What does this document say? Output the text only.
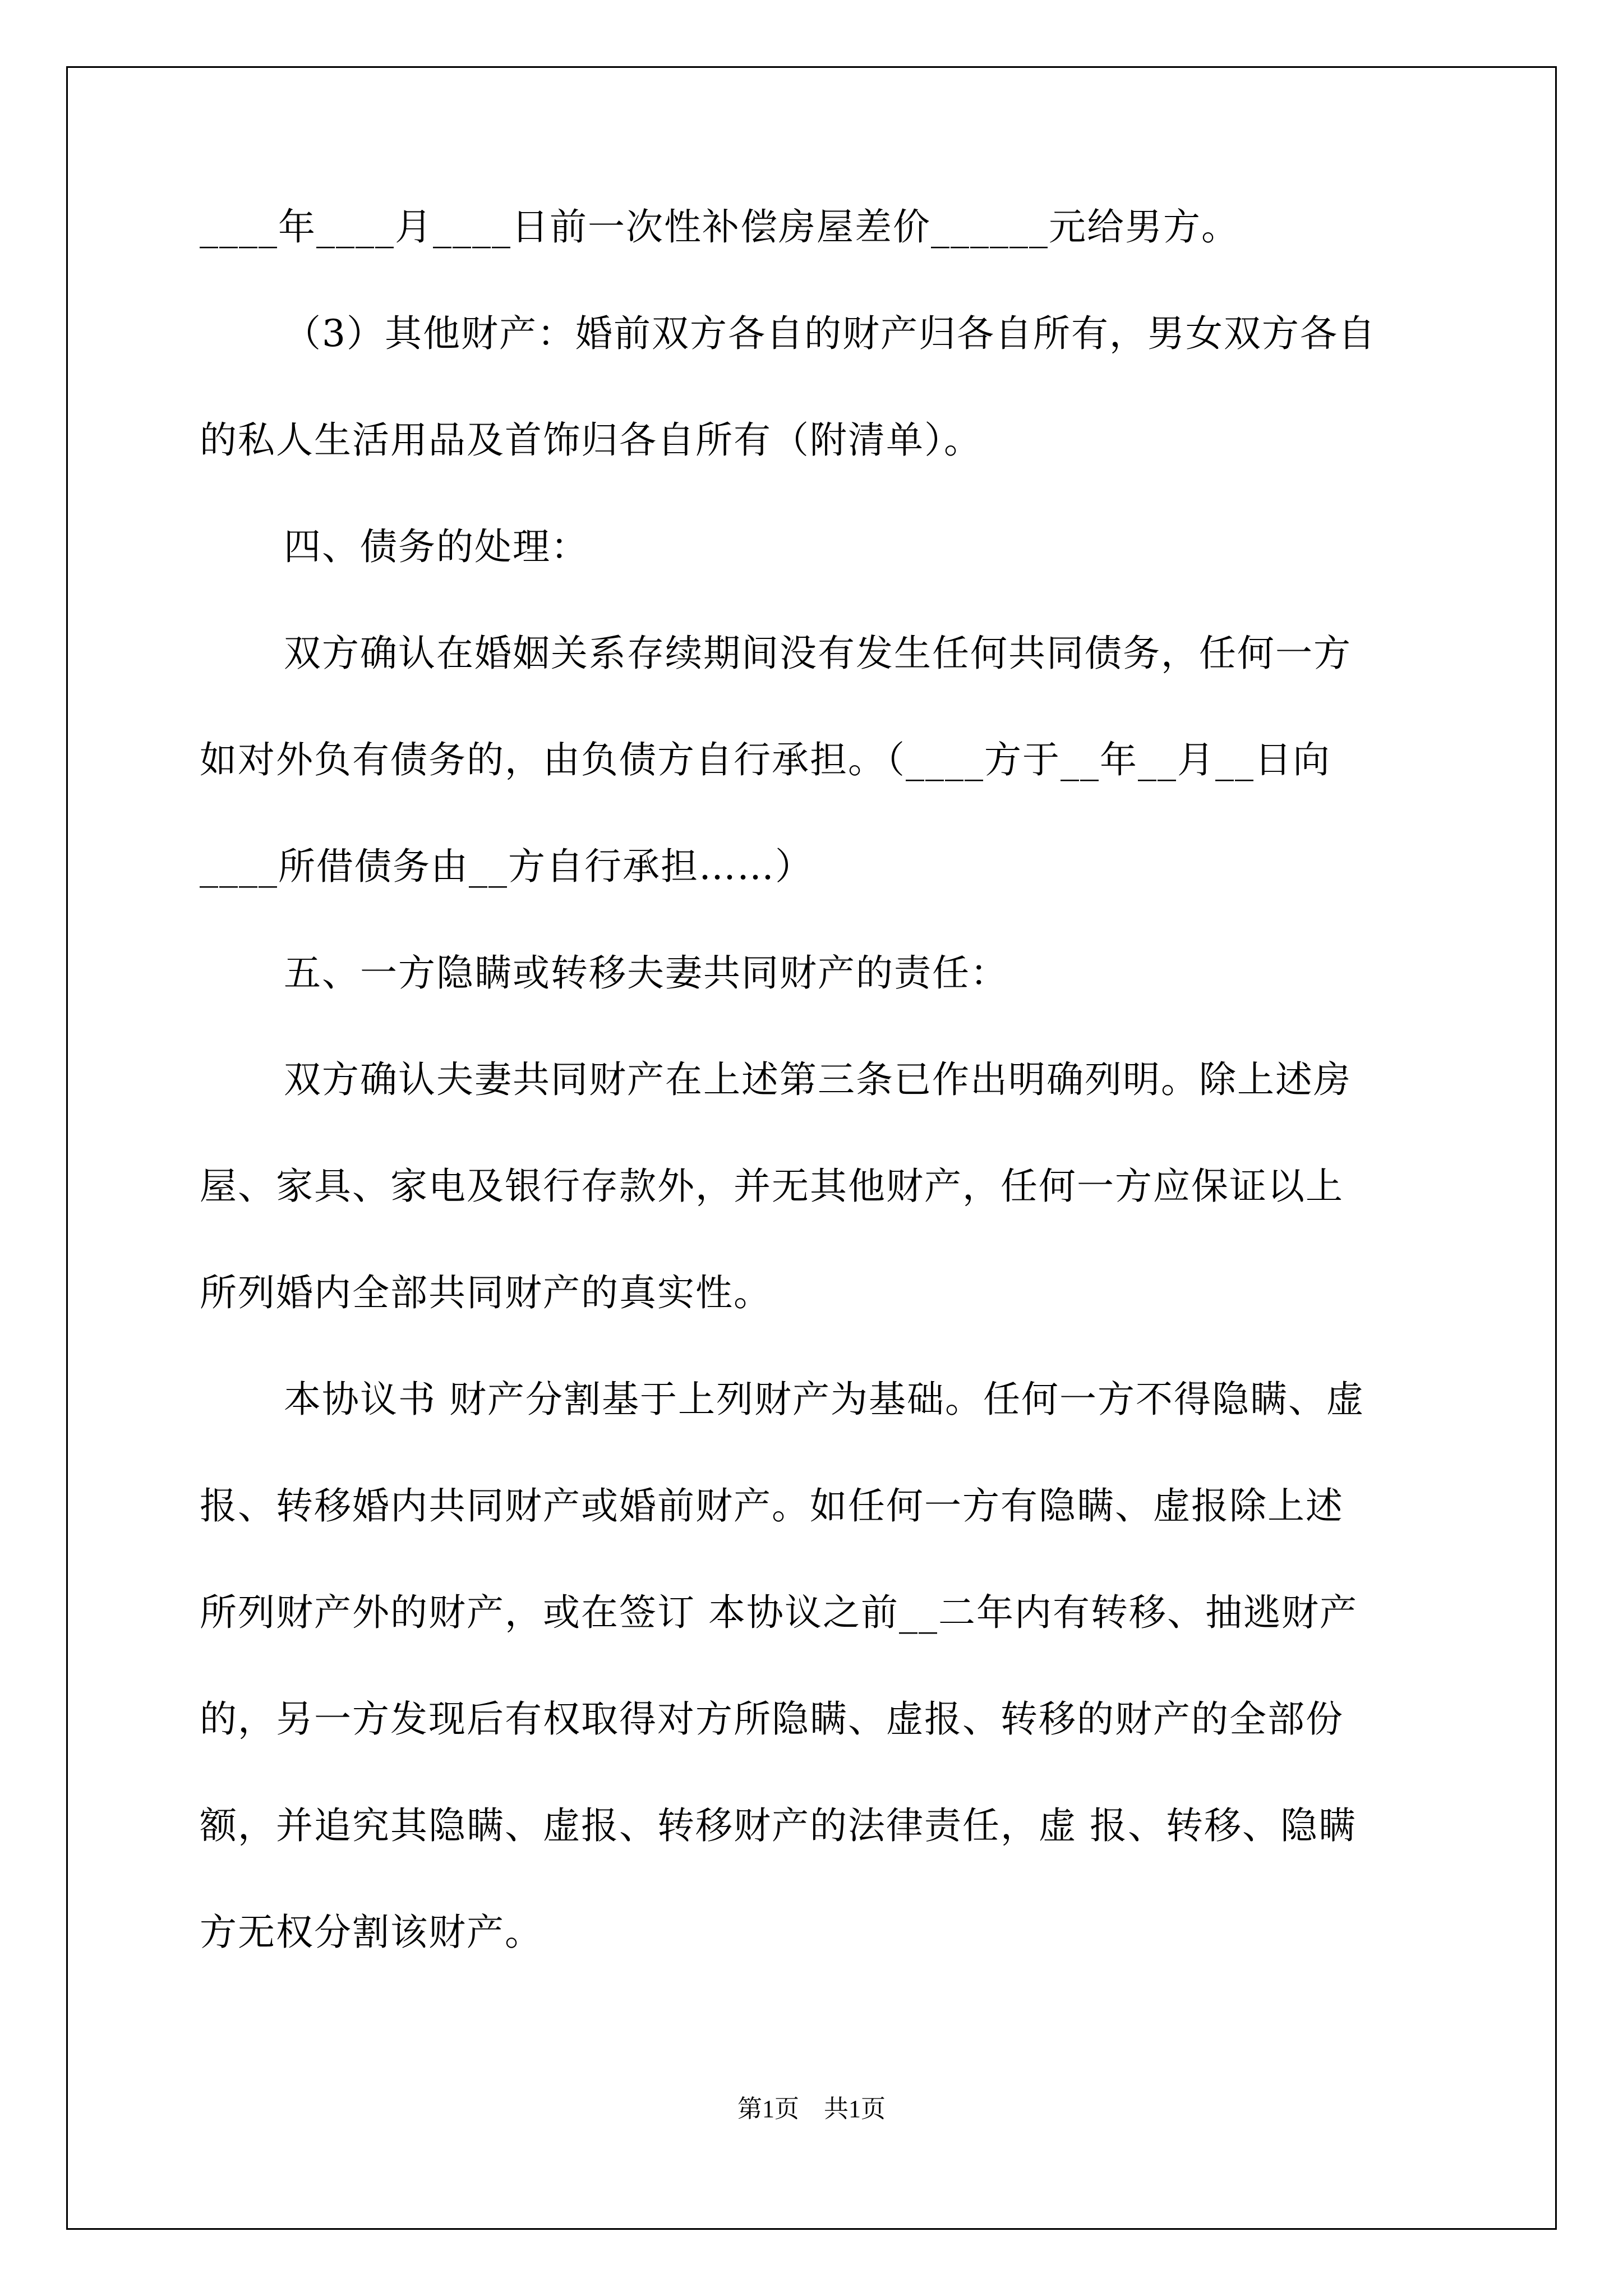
____年____月____日前一次性补偿房屋差价______元给男方。
（3）其他财产：婚前双方各自的财产归各自所有，男女双方各自
的私人生活用品及首饰归各自所有（附清单）。
四、债务的处理：
双方确认在婚姻关系存续期间没有发生任何共同债务，任何一方
如对外负有债务的，由负债方自行承担。（____方于__年__月__日向
____所借债务由__方自行承担……）
五、一方隐瞒或转移夫妻共同财产的责任：
双方确认夫妻共同财产在上述第三条已作出明确列明。除上述房
屋、家具、家电及银行存款外，并无其他财产，任何一方应保证以上
所列婚内全部共同财产的真实性。
本协议书 财产分割基于上列财产为基础。任何一方不得隐瞒、虚
报、转移婚内共同财产或婚前财产。如任何一方有隐瞒、虚报除上述
所列财产外的财产，或在签订 本协议之前__二年内有转移、抽逃财产
的，另一方发现后有权取得对方所隐瞒、虚报、转移的财产的全部份
额，并追究其隐瞒、虚报、转移财产的法律责任，虚 报、转移、隐瞒
方无权分割该财产。
第1页　共1页
